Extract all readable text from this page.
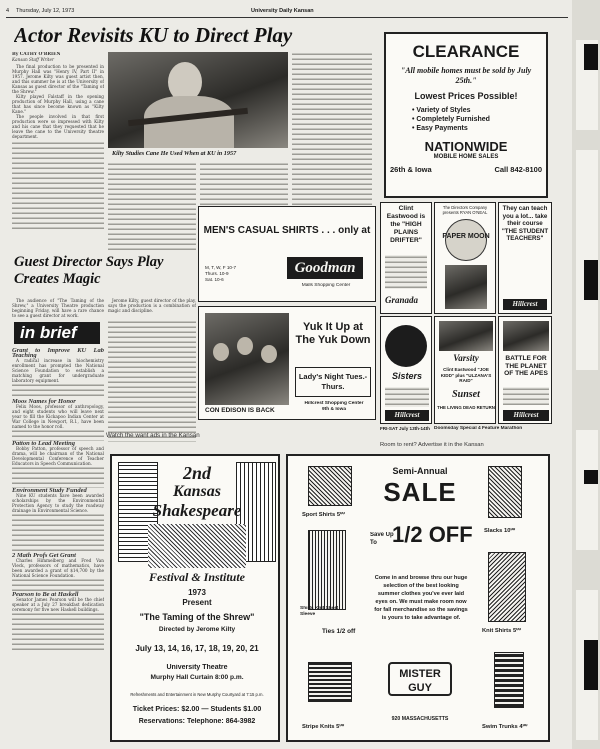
4 Thursday, July 12, 1973	University Daily Kansan
Actor Revisits KU to Direct Play
By CATHY O'BRIEN
Kansan Staff Writer

The final production to be presented in Murphy Hall was "Henry IV, Part II" in 1957. Jerome Kilty was guest artist then, and this summer he is at the University of Kansas as guest director of the "Taming of the Shrew."

Kilty played Falstaff in the opening production of Murphy Hall, using a cane that has since become known as "Kilty Kane."

The people involved in that first production were so impressed with Kilty and his cane that they requested that he leave the cane to the University theatre department.

Kilty Studies Cane He Used When at KU in 1957
Guest Director Says Play Creates Magic

The audience of "The Taming of the Shrew," a University Theatre production beginning Friday, will have a rare chance to see a guest director at work.

Jerome Kilty, guest director of the play, says the production is a combination of magic and discipline.

in brief
Grant to Improve KU Lab Teaching

A radical increase in biochemistry enrollment has prompted the National Science Foundation to establish a matching grant for undergraduate laboratory equipment.

Moos Names for Honor

Felix Moos, professor of anthropology, and eight students who will leave next year to fill the Kickapoo Indian Center at War College in Newport, R.I., have been named to the honor roll.

Patton to Lead Meeting

Bobby Patton, professor of speech and drama, will be chairman of the National Developmental Conference of Teacher Educators in Speech Communication.

Environment Study Funded

Nine KU students have been awarded scholarships by the Environmental Protection Agency to study the roadway drainage in Environmental Science.

2 Math Profs Get Grant

Charles Himmelberg and Fred Van Vleck, professors of mathematics, have been awarded a grant of $14,700 by the National Science Foundation.

Pearson to Be at Haskell

Senator James Pearson will be the chief speaker at a July 27 breakfast dedication ceremony for five new Haskell buildings.

MEN'S CASUAL SHIRTS . . . only at
M, T, W, F 10-7
Thurs. 10-9
Sat. 10-6
Goodman
Malls Shopping Center
Yuk It Up at The Yuk Down
Lady's Night Tues.-Thurs.
CON EDISON IS BACK
Hillcrest Shopping Center
9th & Iowa
Watch the want ads in the Kansan
CLEARANCE
"All mobile homes must be sold by July 25th."
Lowest Prices Possible!
• Variety of Styles
• Completely Furnished
• Easy Payments
NATIONWIDE
MOBILE HOME SALES
26th & Iowa	Call 842-8100
Clint Eastwood is the "HIGH PLAINS DRIFTER"
Granada
The Directors Company presents RYAN O'NEAL
PAPER MOON
They can teach you a lot... take their course "THE STUDENT TEACHERS"
Hillcrest
Sisters
Hillcrest
Varsity
Clint Eastwood "JOE KIDD" plus "ULZANA'S RAID"
Sunset
THE LIVING DEAD RETURN
BATTLE FOR THE PLANET OF THE APES
Hillcrest
FRI-SAT July 13th-14th Doomsday Special 4 Feature Marathon
Room to rent? Advertise it in the Kansan
2nd
Kansas
Shakespeare
Festival & Institute
1973
Present
"The Taming of the Shrew"
Directed by Jerome Kilty
July 13, 14, 16, 17, 18, 19, 20, 21
University Theatre
Murphy Hall Curtain 8:00 p.m.
Refreshments and Entertainment in New Murphy Courtyard at 7:15 p.m.
Ticket Prices: $2.00 — Students $1.00
Reservations: Telephone: 864-3982
Sport Shirts 5⁰⁰
Shirts Knit Short Sleeve
Ties 1/2 off
Stripe Knits 5⁰⁰
Semi-Annual
SALE
Save Up To 1/2 OFF
Come in and browse thru our huge selection of the best looking summer clothes you've ever laid eyes on. We must make room now for fall merchandise so the savings is yours to take advantage of.
MISTER GUY
920 MASSACHUSETTS
Slacks 10⁰⁰
Knit Shirts 5⁰⁰
Swim Trunks 4⁰⁰
